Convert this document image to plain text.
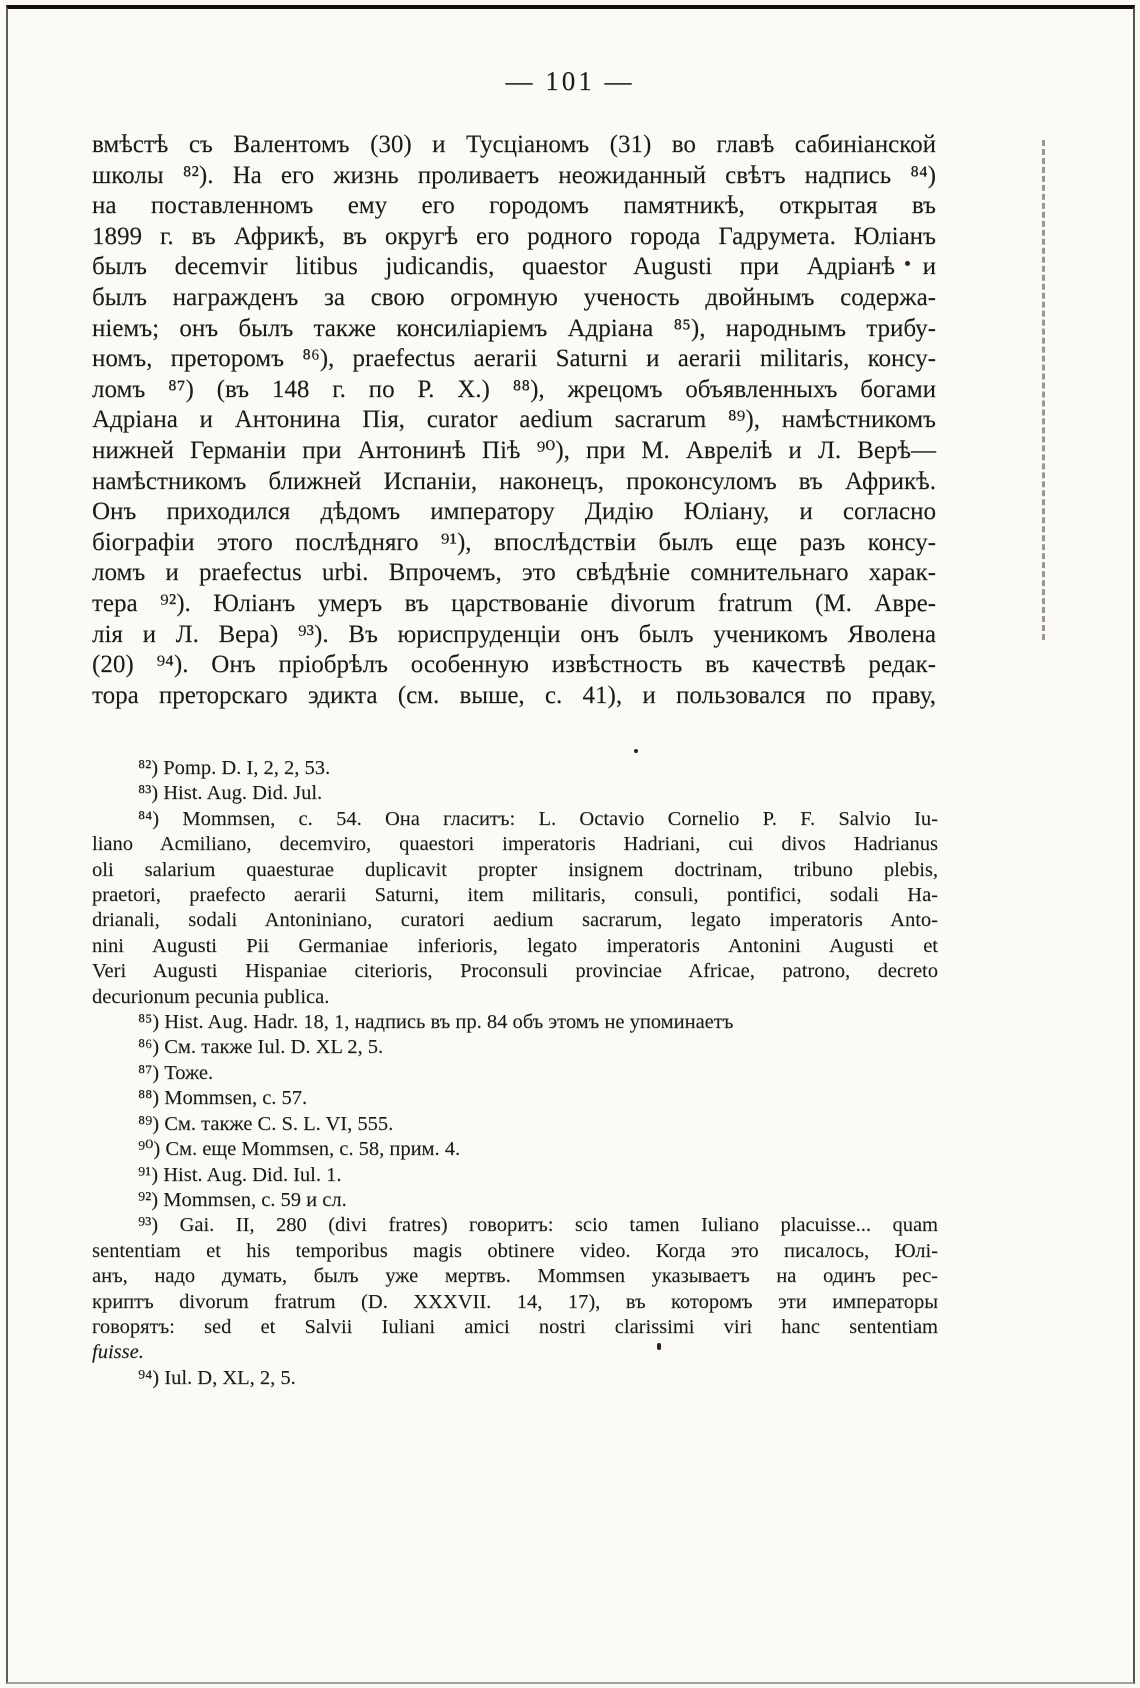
— 101 —
вмѣстѣ съ Валентомъ (30) и Тусціаномъ (31) во главѣ сабиніанской
школы ⁸²). На его жизнь проливаетъ неожиданный свѣтъ надпись ⁸⁴)
на поставленномъ ему его городомъ памятникѣ, открытая въ
1899 г. въ Африкѣ, въ округѣ его родного города Гадрумета. Юліанъ
былъ decemvir litibus judicandis, quaestor Augusti при Адріанѣ и
былъ награжденъ за свою огромную ученость двойнымъ содержа-
ніемъ; онъ былъ также консиліаріемъ Адріана ⁸⁵), народнымъ трибу-
номъ, преторомъ ⁸⁶), praefectus aerarii Saturni и aerarii militaris, консу-
ломъ ⁸⁷) (въ 148 г. по Р. X.) ⁸⁸), жрецомъ объявленныхъ богами
Адріана и Антонина Пія, curator aedium sacrarum ⁸⁹), намѣстникомъ
нижней Германіи при Антонинѣ Піѣ ⁹⁰), при М. Авреліѣ и Л. Верѣ—
намѣстникомъ ближней Испаніи, наконецъ, проконсуломъ въ Африкѣ.
Онъ приходился дѣдомъ императору Дидію Юліану, и согласно
біографіи этого послѣдняго ⁹¹), впослѣдствіи былъ еще разъ консу-
ломъ и praefectus urbi. Впрочемъ, это свѣдѣніе сомнительнаго харак-
тера ⁹²). Юліанъ умеръ въ царствованіе divorum fratrum (М. Авре-
лія и Л. Вера) ⁹³). Въ юриспруденціи онъ былъ ученикомъ Яволена
(20) ⁹⁴). Онъ пріобрѣлъ особенную извѣстность въ качествѣ редак-
тора преторскаго эдикта (см. выше, с. 41), и пользовался по праву,
⁸²) Pomp. D. I, 2, 2, 53.
⁸³) Hist. Aug. Did. Jul.
⁸⁴) Mommsen, c. 54. Она гласитъ: L. Octavio Cornelio P. F. Salvio Iu-
liano Acmiliano, decemviro, quaestori imperatoris Hadriani, cui divos Hadrianus
oli salarium quaesturae duplicavit propter insignem doctrinam, tribuno plebis,
praetori, praefecto aerarii Saturni, item militaris, consuli, pontifici, sodali Ha-
drianali, sodali Antoniniano, curatori aedium sacrarum, legato imperatoris Anto-
nini Augusti Pii Germaniae inferioris, legato imperatoris Antonini Augusti et
Veri Augusti Hispaniae citerioris, Proconsuli provinciae Africae, patrono, decreto
decurionum pecunia publica.
⁸⁵) Hist. Aug. Hadr. 18, 1, надпись въ пр. 84 объ этомъ не упоминаетъ
⁸⁶) См. также Iul. D. XL 2, 5.
⁸⁷) Тоже.
⁸⁸) Mommsen, c. 57.
⁸⁹) См. также C. S. L. VI, 555.
⁹⁰) См. еще Mommsen, c. 58, прим. 4.
⁹¹) Hist. Aug. Did. Iul. 1.
⁹²) Mommsen, c. 59 и сл.
⁹³) Gai. II, 280 (divi fratres) говоритъ: scio tamen Iuliano placuisse... quam
sententiam et his temporibus magis obtinere video. Когда это писалось, Юлі-
анъ, надо думать, былъ уже мертвъ. Mommsen указываетъ на одинъ рес-
криптъ divorum fratrum (D. XXXVII. 14, 17), въ которомъ эти императоры
говорятъ: sed et Salvii Iuliani amici nostri clarissimi viri hanc sententiam
fuisse.
⁹⁴) Iul. D, XL, 2, 5.
